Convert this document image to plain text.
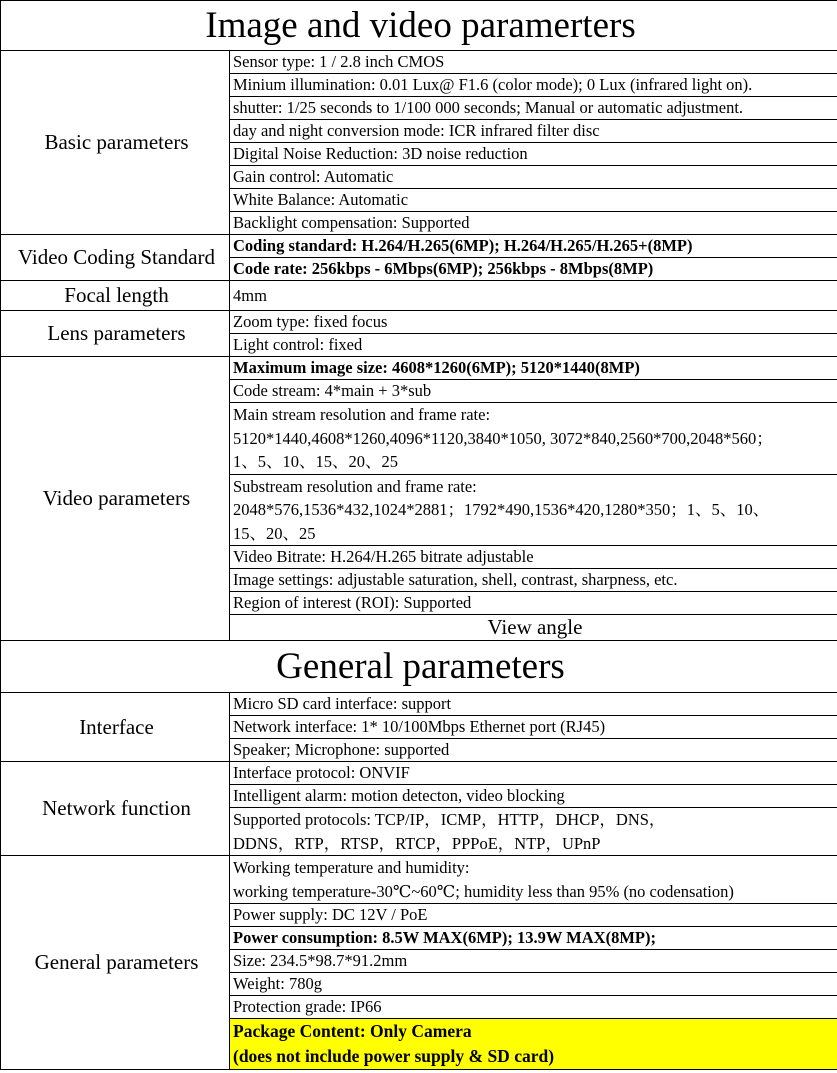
Image and video paramerters		
Basic parameters	Sensor type: 1 / 2.8 inch CMOS	
	Minium illumination: 0.01 Lux@ F1.6 (color mode); 0 Lux (infrared light on).	
	shutter: 1/25 seconds to 1/100 000 seconds; Manual or automatic adjustment.	
	day and night conversion mode: ICR infrared filter disc	
	Digital Noise Reduction: 3D noise reduction	
	Gain control: Automatic	
	White Balance: Automatic	
	Backlight compensation: Supported	
Video Coding Standard	Coding standard: H.264/H.265(6MP); H.264/H.265/H.265+(8MP)	
	Code rate: 256kbps - 6Mbps(6MP); 256kbps - 8Mbps(8MP)	
Focal length	4mm	
Lens parameters	Zoom type: fixed focus	
	Light control: fixed	
Video parameters	Maximum image size: 4608*1260(6MP); 5120*1440(8MP)	
	Code stream: 4*main + 3*sub	

	Main stream resolution and frame rate:
5120*1440,4608*1260,4096*1120,3840*1050, 3072*840,2560*700,2048*560；
1、5、10、15、20、25	

	Substream resolution and frame rate:
2048*576,1536*432,1024*2881；1792*490,1536*420,1280*350；1、5、10、
15、20、25	

	Video Bitrate: H.264/H.265 bitrate adjustable	
	Image settings: adjustable saturation, shell, contrast, sharpness, etc.	
	Region of interest (ROI): Supported	
	View angle	
General parameters		
Interface	Micro SD card interface: support	
	Network interface: 1* 10/100Mbps Ethernet port (RJ45)	
	Speaker; Microphone: supported	
Network function	Interface protocol: ONVIF	
	Intelligent alarm: motion detecton, video blocking	

	Supported protocols: TCP/IP，ICMP，HTTP，DHCP，DNS，
DDNS，RTP，RTSP，RTCP，PPPoE，NTP，UPnP	

General parameters	Working temperature and humidity:
working temperature-30℃~60℃; humidity less than 95% (no codensation)	

	Power supply: DC 12V / PoE	
	Power consumption: 8.5W MAX(6MP); 13.9W MAX(8MP);	
	Size: 234.5*98.7*91.2mm	
	Weight: 780g	
	Protection grade: IP66	

	Package Content: Only Camera
(does not include power supply & SD card)	
